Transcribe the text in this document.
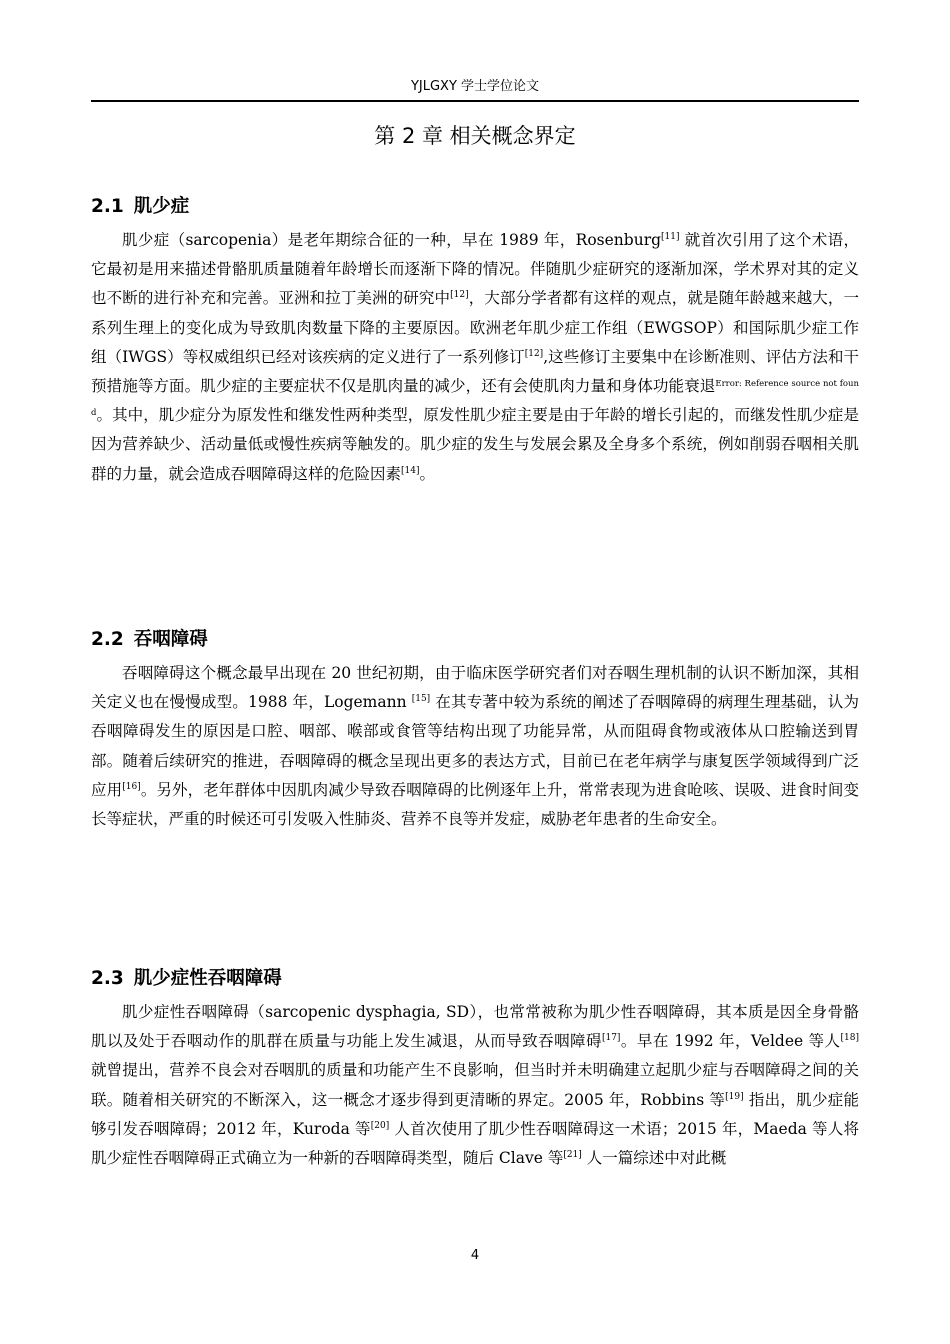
YJLGXY 学士学位论文
第 2 章 相关概念界定
2.1 肌少症

肌少症（sarcopenia）是老年期综合征的一种，早在 1989 年，Rosenburg[11] 就首次引用了这个术语，它最初是用来描述骨骼肌质量随着年龄增长而逐渐下降的情况。伴随肌少症研究的逐渐加深，学术界对其的定义也不断的进行补充和完善。亚洲和拉丁美洲的研究中[12]，大部分学者都有这样的观点，就是随年龄越来越大，一系列生理上的变化成为导致肌肉数量下降的主要原因。欧洲老年肌少症工作组（EWGSOP）和国际肌少症工作组（IWGS）等权威组织已经对该疾病的定义进行了一系列修订[12],这些修订主要集中在诊断准则、评估方法和干预措施等方面。肌少症的主要症状不仅是肌肉量的减少，还有会使肌肉力量和身体功能衰退$^{Error: Reference source not found}$。其中，肌少症分为原发性和继发性两种类型，原发性肌少症主要是由于年龄的增长引起的，而继发性肌少症是因为营养缺少、活动量低或慢性疾病等触发的。肌少症的发生与发展会累及全身多个系统，例如削弱吞咽相关肌群的力量，就会造成吞咽障碍这样的危险因素[14]。

2.2 吞咽障碍

吞咽障碍这个概念最早出现在 20 世纪初期，由于临床医学研究者们对吞咽生理机制的认识不断加深，其相关定义也在慢慢成型。1988 年，Logemann [15] 在其专著中较为系统的阐述了吞咽障碍的病理生理基础，认为吞咽障碍发生的原因是口腔、咽部、喉部或食管等结构出现了功能异常，从而阻碍食物或液体从口腔输送到胃部。随着后续研究的推进，吞咽障碍的概念呈现出更多的表达方式，目前已在老年病学与康复医学领域得到广泛应用[16]。另外，老年群体中因肌肉减少导致吞咽障碍的比例逐年上升，常常表现为进食呛咳、误吸、进食时间变长等症状，严重的时候还可引发吸入性肺炎、营养不良等并发症，威胁老年患者的生命安全。

2.3 肌少症性吞咽障碍

肌少症性吞咽障碍（sarcopenic dysphagia, SD），也常常被称为肌少性吞咽障碍，其本质是因全身骨骼肌以及处于吞咽动作的肌群在质量与功能上发生减退，从而导致吞咽障碍[17]。早在 1992 年，Veldee 等人[18] 就曾提出，营养不良会对吞咽肌的质量和功能产生不良影响，但当时并未明确建立起肌少症与吞咽障碍之间的关联。随着相关研究的不断深入，这一概念才逐步得到更清晰的界定。2005 年，Robbins 等[19] 指出，肌少症能够引发吞咽障碍；2012 年，Kuroda 等[20] 人首次使用了肌少性吞咽障碍这一术语；2015 年，Maeda 等人将肌少症性吞咽障碍正式确立为一种新的吞咽障碍类型，随后 Clave 等[21] 人一篇综述中对此概

4
